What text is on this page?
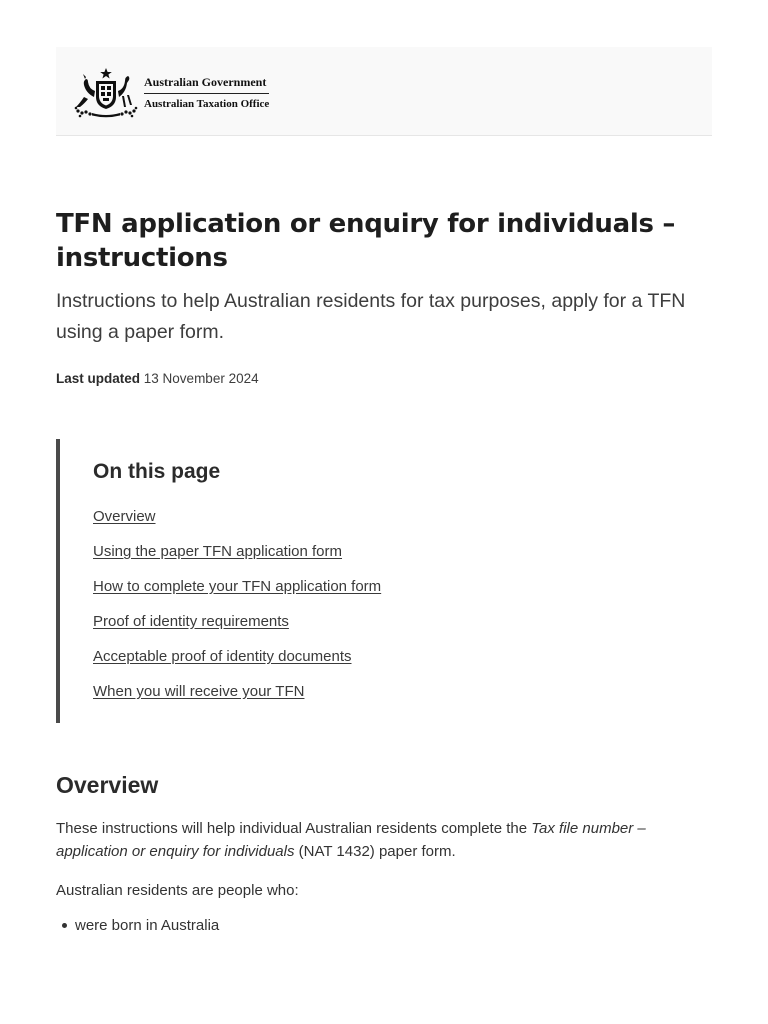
Australian Government
Australian Taxation Office
TFN application or enquiry for individuals – instructions

Instructions to help Australian residents for tax purposes, apply for a TFN using a paper form.

Last updated 13 November 2024

On this page
Overview
Using the paper TFN application form
How to complete your TFN application form
Proof of identity requirements
Acceptable proof of identity documents
When you will receive your TFN
Overview

These instructions will help individual Australian residents complete the Tax file number – application or enquiry for individuals (NAT 1432) paper form.

Australian residents are people who:

were born in Australia
